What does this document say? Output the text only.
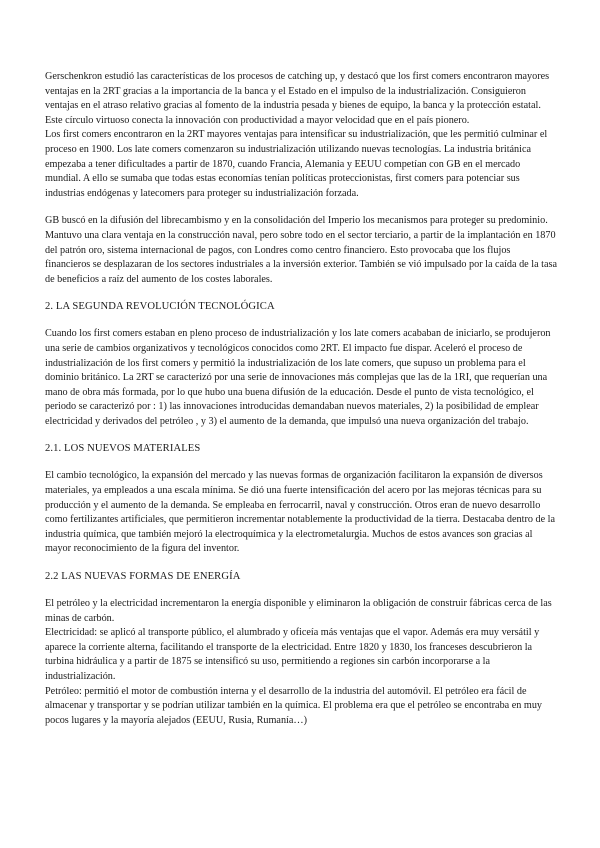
Gerschenkron estudió las características de los procesos de catching up, y destacó que los first comers encontraron mayores ventajas en la 2RT gracias a la importancia de la banca y el Estado en el impulso de la industrialización. Consiguieron ventajas en el atraso relativo gracias al fomento de la industria pesada y bienes de equipo, la banca y la protección estatal. Este círculo virtuoso conecta la innovación con productividad a mayor velocidad que en el país pionero.

Los first comers encontraron en la 2RT mayores ventajas para intensificar su industrialización, que les permitió culminar el proceso en 1900. Los late comers comenzaron su industrialización utilizando nuevas tecnologías. La industria británica empezaba a tener dificultades a partir de 1870, cuando Francia, Alemania y EEUU competían con GB en el mercado mundial. A ello se sumaba que todas estas economías tenían políticas proteccionistas, first comers para potenciar sus industrias endógenas y latecomers para proteger su industrialización forzada.

GB buscó en la difusión del librecambismo y en la consolidación del Imperio los mecanismos para proteger su predominio. Mantuvo una clara ventaja en la construcción naval, pero sobre todo en el sector terciario, a partir de la implantación en 1870 del patrón oro, sistema internacional de pagos, con Londres como centro financiero. Esto provocaba que los flujos financieros se desplazaran de los sectores industriales a la inversión exterior. También se vió impulsado por la caída de la tasa de beneficios a raíz del aumento de los costes laborales.

2. LA SEGUNDA REVOLUCIÓN TECNOLÓGICA

Cuando los first comers estaban en pleno proceso de industrialización y los late comers acababan de iniciarlo, se produjeron una serie de cambios organizativos y tecnológicos conocidos como 2RT. El impacto fue dispar. Aceleró el proceso de industrialización de los first comers y permitió la industrialización de los late comers, que supuso un problema para el dominio británico. La 2RT se caracterizó por una serie de innovaciones más complejas que las de la 1RI, que requerían una mano de obra más formada, por lo que hubo una buena difusión de la educación. Desde el punto de vista tecnológico, el periodo se caracterizó por : 1) las innovaciones introducidas demandaban nuevos materiales, 2) la posibilidad de emplear electricidad y derivados del petróleo , y 3) el aumento de la demanda, que impulsó una nueva organización del trabajo.

2.1. LOS NUEVOS MATERIALES

El cambio tecnológico, la expansión del mercado y las nuevas formas de organización facilitaron la expansión de diversos materiales, ya empleados a una escala mínima. Se dió una fuerte intensificación del acero por las mejoras técnicas para su producción y el aumento de la demanda. Se empleaba en ferrocarril, naval y construcción. Otros eran de nuevo desarrollo como fertilizantes artificiales, que permitieron incrementar notablemente la productividad de la tierra. Destacaba dentro de la industria química, que también mejoró la electroquímica y la electrometalurgia. Muchos de estos avances son gracias al mayor reconocimiento de la figura del inventor.

2.2 LAS NUEVAS FORMAS DE ENERGÍA

El petróleo y la electricidad incrementaron la energía disponible y eliminaron la obligación de construir fábricas cerca de las minas de carbón.

Electricidad: se aplicó al transporte público, el alumbrado y oficeía más ventajas que el vapor. Además era muy versátil y aparece la corriente alterna, facilitando el transporte de la electricidad. Entre 1820 y 1830, los franceses descubrieron la turbina hidráulica y a partir de 1875 se intensificó su uso, permitiendo a regiones sin carbón incorporarse a la industrialización.

Petróleo: permitió el motor de combustión interna y el desarrollo de la industria del automóvil. El petróleo era fácil de almacenar y transportar y se podrían utilizar también en la química. El problema era que el petróleo se encontraba en muy pocos lugares y la mayoría alejados (EEUU, Rusia, Rumanía…)
